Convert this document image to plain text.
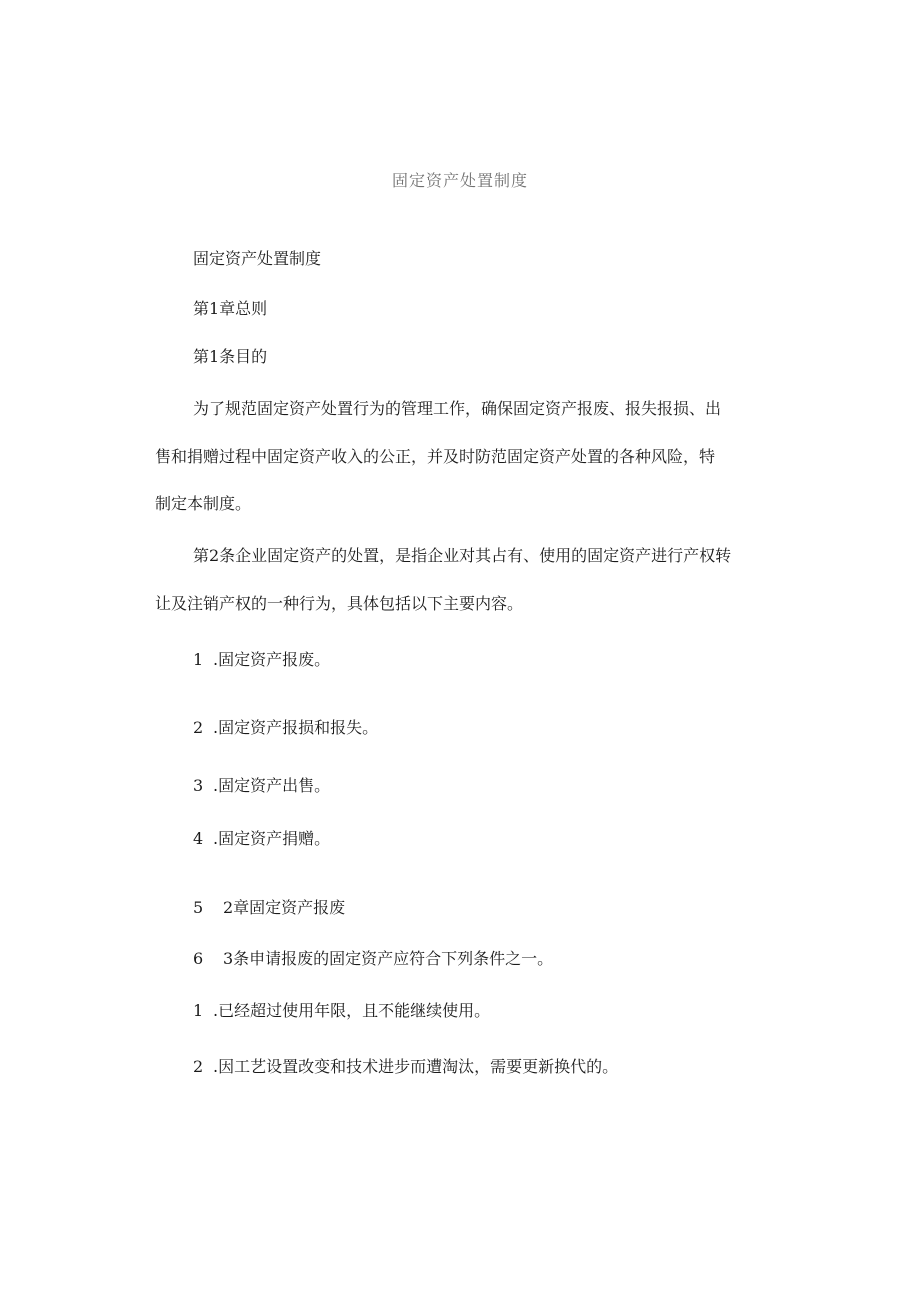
固定资产处置制度
固定资产处置制度
第1章总则
第1条目的
为了规范固定资产处置行为的管理工作，确保固定资产报废、报失报损、出
售和捐赠过程中固定资产收入的公正，并及时防范固定资产处置的各种风险，特
制定本制度。
第2条企业固定资产的处置，是指企业对其占有、使用的固定资产进行产权转
让及注销产权的一种行为，具体包括以下主要内容。
1 .固定资产报废。
2 .固定资产报损和报失。
3 .固定资产出售。
4 .固定资产捐赠。
5 2章固定资产报废
6 3条申请报废的固定资产应符合下列条件之一。
1 .已经超过使用年限，且不能继续使用。
2 .因工艺设置改变和技术进步而遭淘汰，需要更新换代的。
